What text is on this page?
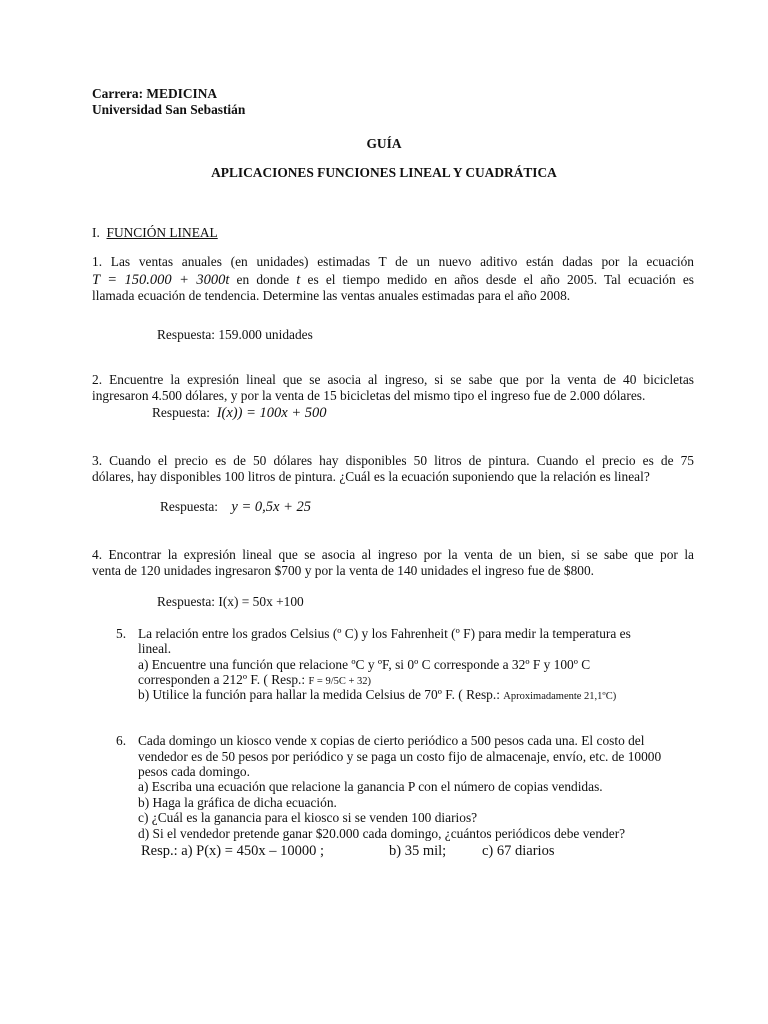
Carrera: MEDICINA
Universidad San Sebastián
GUÍA
APLICACIONES FUNCIONES LINEAL Y CUADRÁTICA
I. FUNCIÓN LINEAL
1. Las ventas anuales (en unidades) estimadas T de un nuevo aditivo están dadas por la ecuación
T = 150.000 + 3000t en donde t es el tiempo medido en años desde el año 2005. Tal ecuación es
llamada ecuación de tendencia. Determine las ventas anuales estimadas para el año 2008.
Respuesta: 159.000 unidades
2. Encuentre la expresión lineal que se asocia al ingreso, si se sabe que por la venta de 40 bicicletas
ingresaron 4.500 dólares, y por la venta de 15 bicicletas del mismo tipo el ingreso fue de 2.000 dólares.
Respuesta: I(x)) = 100x + 500
3. Cuando el precio es de 50 dólares hay disponibles 50 litros de pintura. Cuando el precio es de 75
dólares, hay disponibles 100 litros de pintura. ¿Cuál es la ecuación suponiendo que la relación es lineal?
Respuesta: y = 0,5x + 25
4. Encontrar la expresión lineal que se asocia al ingreso por la venta de un bien, si se sabe que por la
venta de 120 unidades ingresaron $700 y por la venta de 140 unidades el ingreso fue de $800.
Respuesta: I(x) = 50x +100
5. La relación entre los grados Celsius (º C) y los Fahrenheit (º F) para medir la temperatura es
lineal.
a) Encuentre una función que relacione ºC y ºF, si 0º C corresponde a 32º F y 100º C
corresponden a 212º F. ( Resp.: F = 9/5C + 32)
b) Utilice la función para hallar la medida Celsius de 70º F. ( Resp.: Aproximadamente 21,1ºC)
6. Cada domingo un kiosco vende x copias de cierto periódico a 500 pesos cada una. El costo del
vendedor es de 50 pesos por periódico y se paga un costo fijo de almacenaje, envío, etc. de 10000
pesos cada domingo.
a) Escriba una ecuación que relacione la ganancia P con el número de copias vendidas.
b) Haga la gráfica de dicha ecuación.
c) ¿Cuál es la ganancia para el kiosco si se venden 100 diarios?
d) Si el vendedor pretende ganar $20.000 cada domingo, ¿cuántos periódicos debe vender?
Resp.: a) P(x) = 450x – 10000 ;	b) 35 mil; c) 67 diarios
